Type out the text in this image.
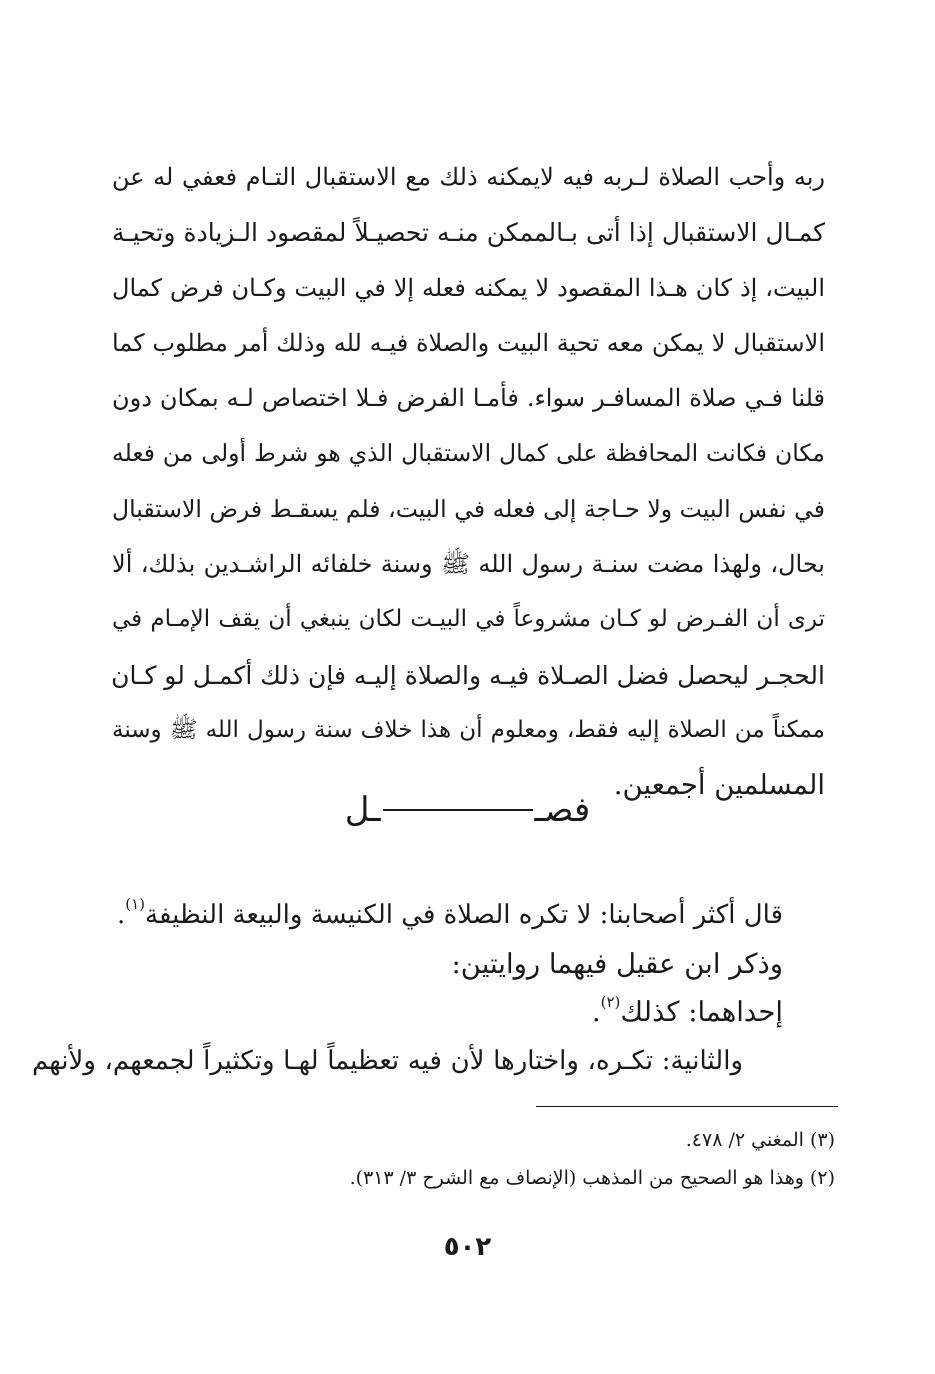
ربه وأحب الصلاة لـربه فيه لايمكنه ذلك مع الاستقبال التـام فعفي له عن
كمـال الاستقبال إذا أتى بـالممكن منـه تحصيـلاً لمقصود الـزيادة وتحيـة
البيت، إذ كان هـذا المقصود لا يمكنه فعله إلا في البيت وكـان فرض كمال
الاستقبال لا يمكن معه تحية البيت والصلاة فيـه لله وذلك أمر مطلوب كما
قلنا فـي صلاة المسافـر سواء. فأمـا الفرض فـلا اختصاص لـه بمكان دون
مكان فكانت المحافظة على كمال الاستقبال الذي هو شرط أولى من فعله
في نفس البيت ولا حـاجة إلى فعله في البيت، فلم يسقـط فرض الاستقبال
بحال، ولهذا مضت سنـة رسول الله ﷺ وسنة خلفائه الراشـدين بذلك، ألا
ترى أن الفـرض لو كـان مشروعاً في البيـت لكان ينبغي أن يقف الإمـام في
الحجـر ليحصل فضل الصـلاة فيـه والصلاة إليـه فإن ذلك أكمـل لو كـان
ممكناً من الصلاة إليه فقط، ومعلوم أن هذا خلاف سنة رسول الله ﷺ وسنة
المسلمين أجمعين.
فصــل
قال أكثر أصحابنا: لا تكره الصلاة في الكنيسة والبيعة النظيفة$^{(١)}$.
وذكر ابن عقيل فيهما روايتين:
إحداهما: كذلك$^{(٢)}$.
والثانية: تكـره، واختارها لأن فيه تعظيماً لهـا وتكثيراً لجمعهم، ولأنهم
(٣) المغني ٢/ ٤٧٨.
(٢) وهذا هو الصحيح من المذهب (الإنصاف مع الشرح ٣/ ٣١٣).
٥٠٢
